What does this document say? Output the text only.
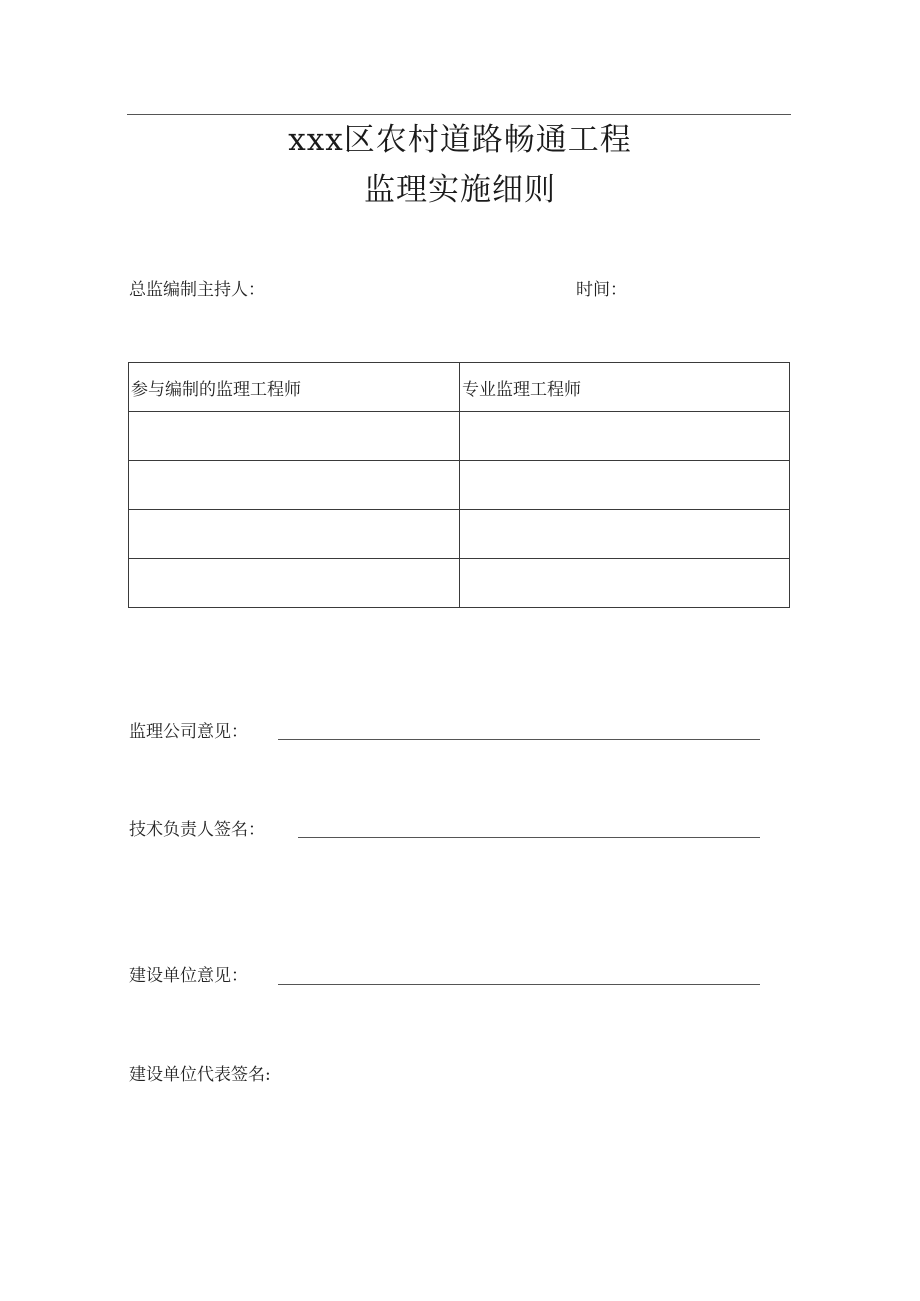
xxx区农村道路畅通工程
监理实施细则
总监编制主持人：	时间：
参与编制的监理工程师	专业监理工程师

监理公司意见：
技术负责人签名：
建设单位意见：
建设单位代表签名:
